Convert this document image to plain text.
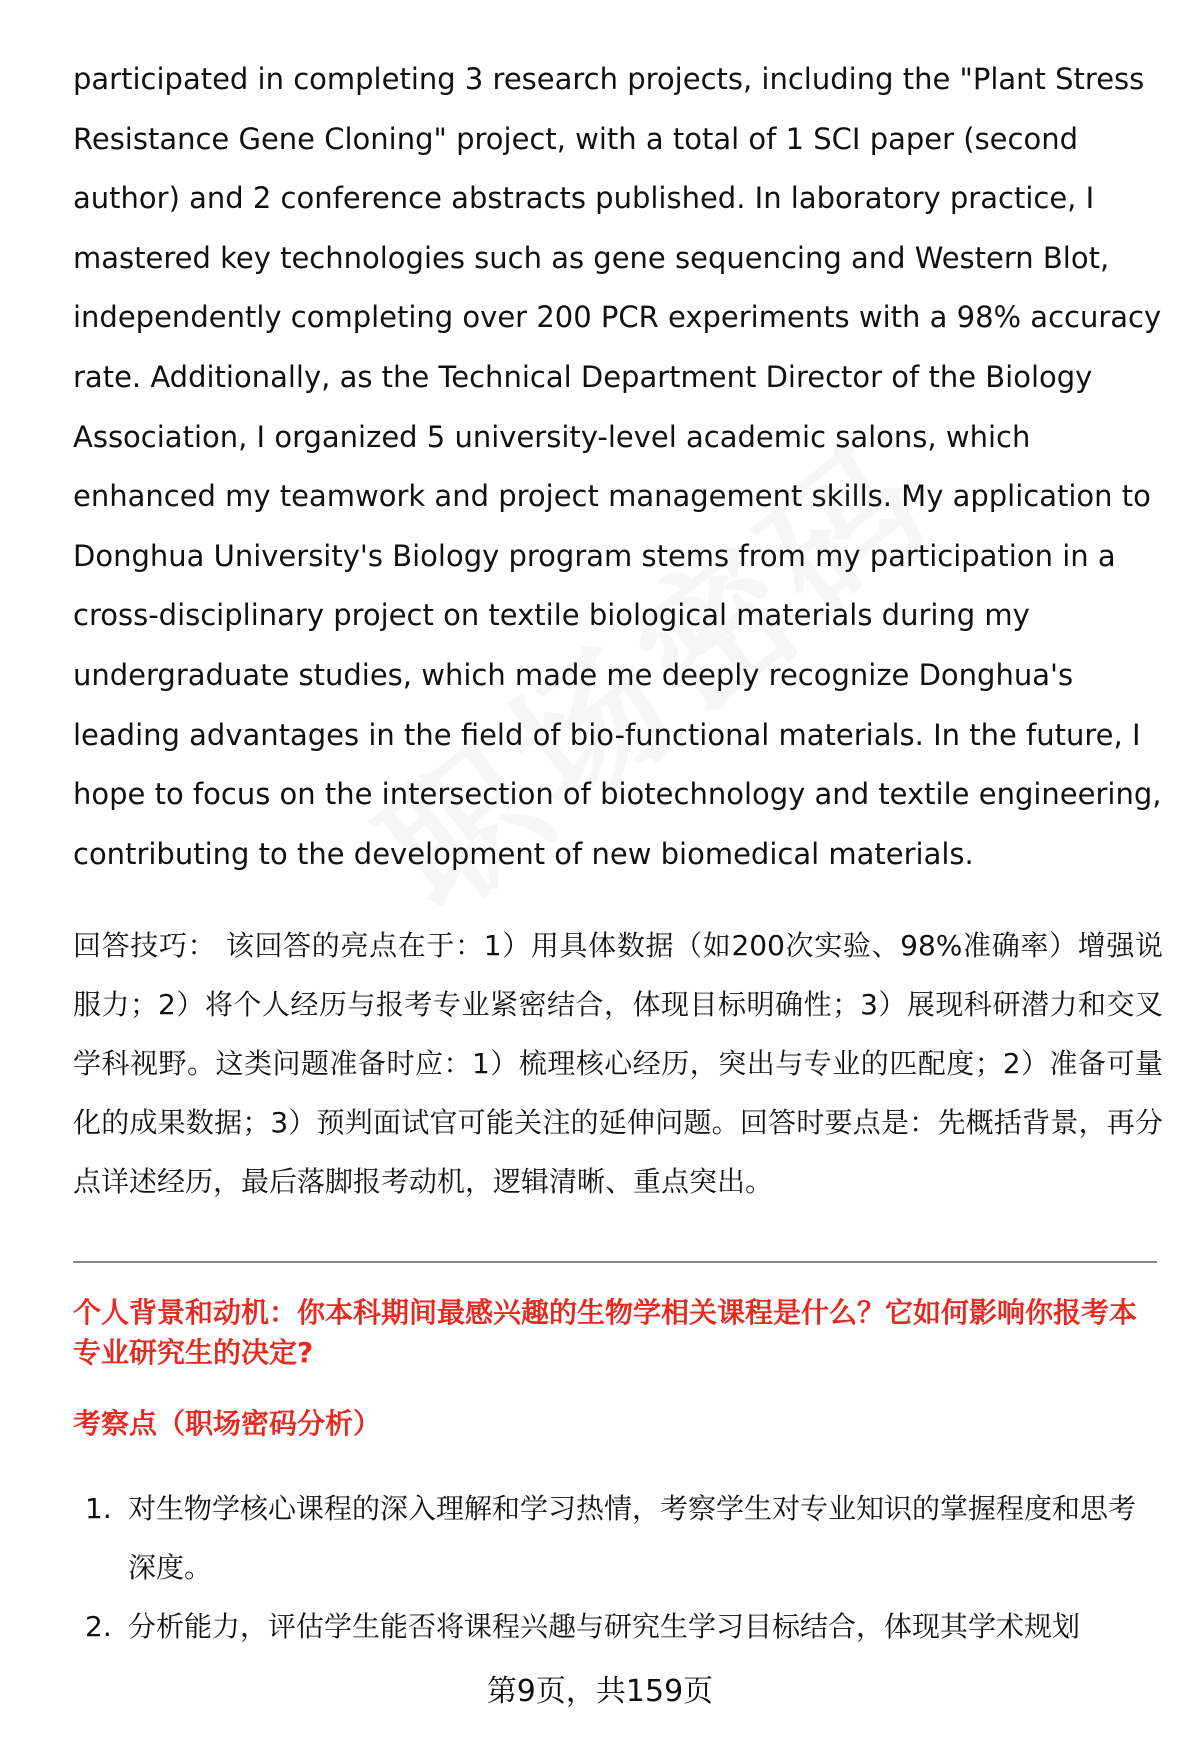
participated in completing 3 research projects, including the "Plant Stress Resistance Gene Cloning" project, with a total of 1 SCI paper (second author) and 2 conference abstracts published. In laboratory practice, I mastered key technologies such as gene sequencing and Western Blot, independently completing over 200 PCR experiments with a 98% accuracy rate. Additionally, as the Technical Department Director of the Biology Association, I organized 5 university-level academic salons, which enhanced my teamwork and project management skills. My application to Donghua University's Biology program stems from my participation in a cross-disciplinary project on textile biological materials during my undergraduate studies, which made me deeply recognize Donghua's leading advantages in the field of bio-functional materials. In the future, I hope to focus on the intersection of biotechnology and textile engineering, contributing to the development of new biomedical materials.

回答技巧： 该回答的亮点在于：1）用具体数据（如200次实验、98%准确率）增强说服力；2）将个人经历与报考专业紧密结合，体现目标明确性；3）展现科研潜力和交叉学科视野。这类问题准备时应：1）梳理核心经历，突出与专业的匹配度；2）准备可量化的成果数据；3）预判面试官可能关注的延伸问题。回答时要点是：先概括背景，再分点详述经历，最后落脚报考动机，逻辑清晰、重点突出。

个人背景和动机：你本科期间最感兴趣的生物学相关课程是什么？它如何影响你报考本专业研究生的决定?
考察点（职场密码分析）
1. 对生物学核心课程的深入理解和学习热情，考察学生对专业知识的掌握程度和思考深度。
2. 分析能力，评估学生能否将课程兴趣与研究生学习目标结合，体现其学术规划
第9页，共159页
